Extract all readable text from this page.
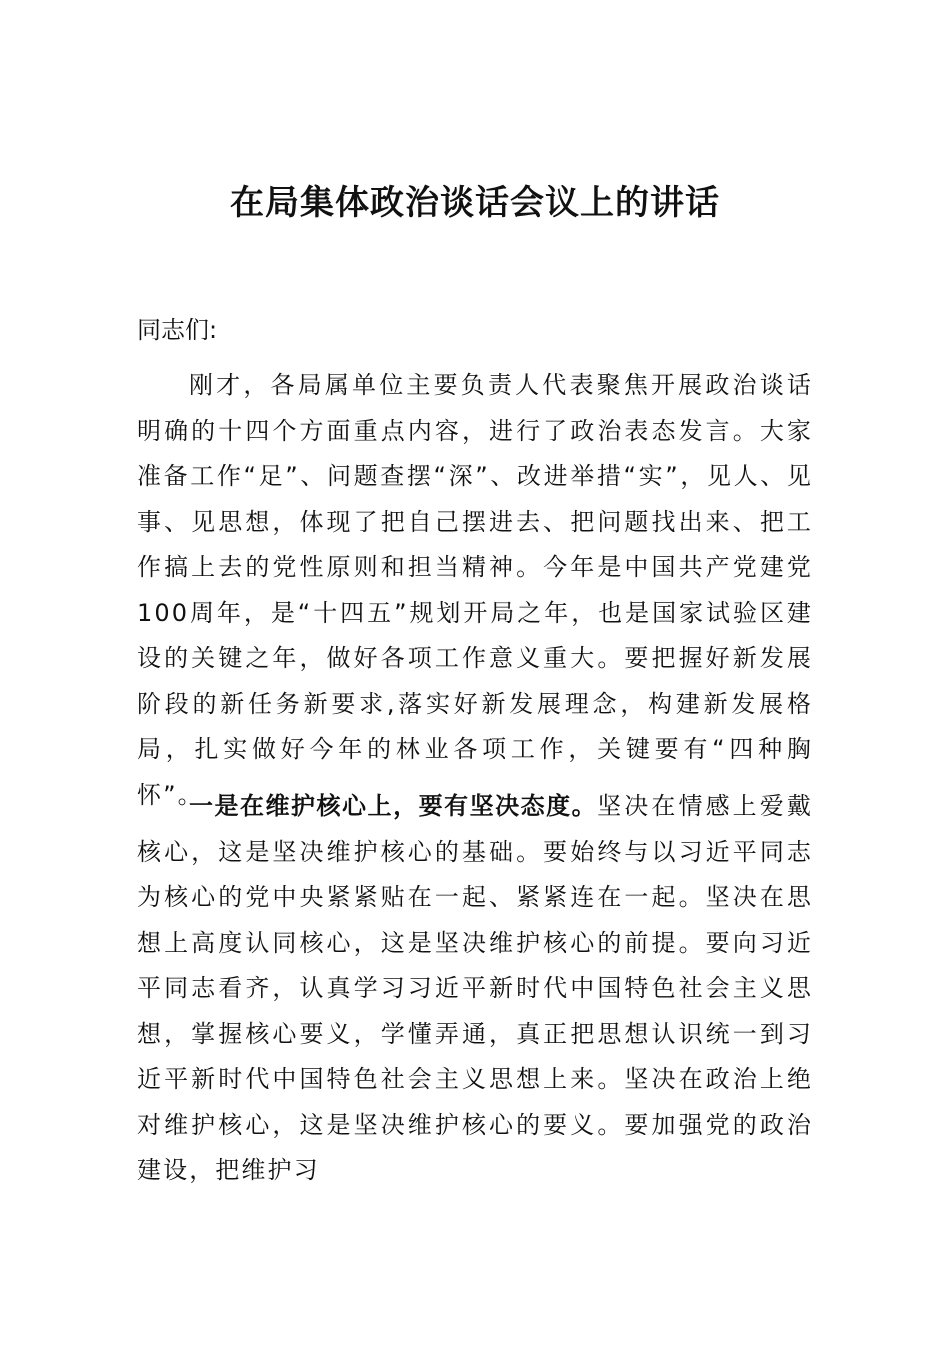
在局集体政治谈话会议上的讲话

同志们:

刚才，各局属单位主要负责人代表聚焦开展政治谈话明确的十四个方面重点内容，进行了政治表态发言。大家准备工作“足”、问题查摆“深”、改进举措“实”，见人、见事、见思想，体现了把自己摆进去、把问题找出来、把工作搞上去的党性原则和担当精神。今年是中国共产党建党100周年，是“十四五”规划开局之年，也是国家试验区建设的关键之年，做好各项工作意义重大。要把握好新发展阶段的新任务新要求,落实好新发展理念，构建新发展格局，扎实做好今年的林业各项工作，关键要有“四种胸怀”。

一是在维护核心上，要有坚决态度。坚决在情感上爱戴核心，这是坚决维护核心的基础。要始终与以习近平同志为核心的党中央紧紧贴在一起、紧紧连在一起。坚决在思想上高度认同核心，这是坚决维护核心的前提。要向习近平同志看齐，认真学习习近平新时代中国特色社会主义思想，掌握核心要义，学懂弄通，真正把思想认识统一到习近平新时代中国特色社会主义思想上来。坚决在政治上绝对维护核心，这是坚决维护核心的要义。要加强党的政治建设，把维护习
